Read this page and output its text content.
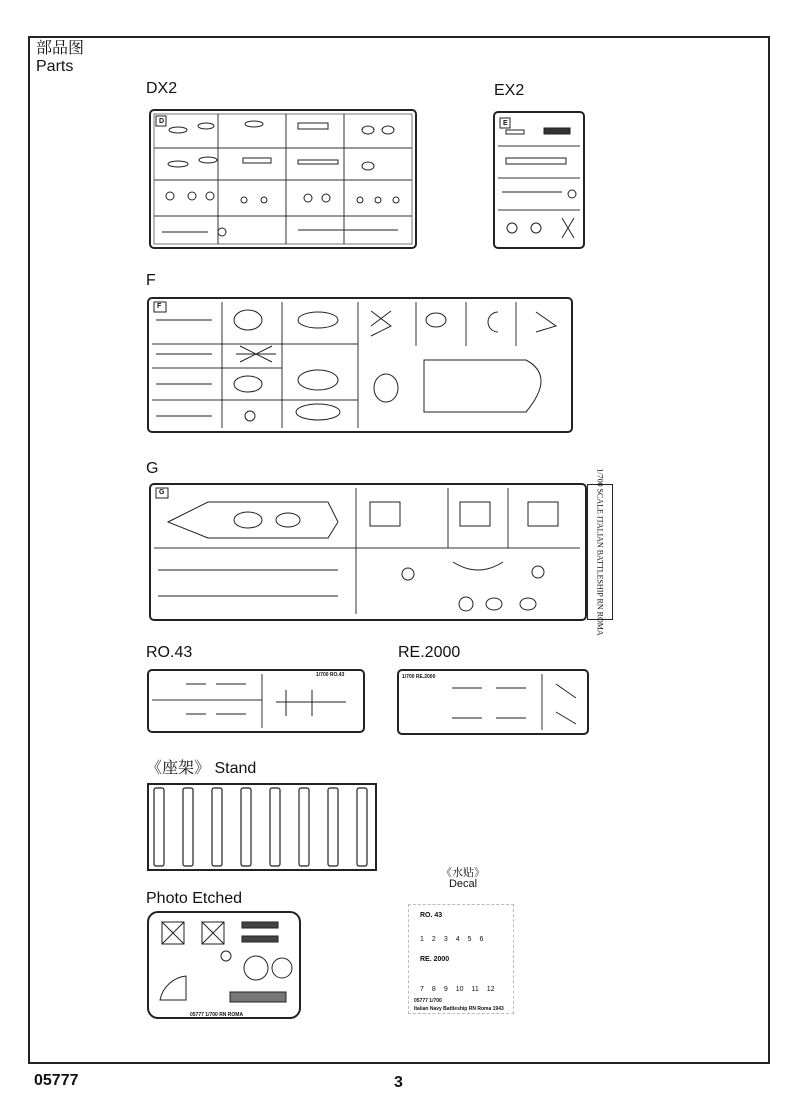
部品图
Parts
DX2
D
EX2
E
F
F
G
G	1/700 SCALE ITALIAN BATTLESHIP RN ROMA
RO.43
1/700 RO.43
RE.2000
1/700 RE.2000
《座架》 Stand
Photo Etched
05777 1/700 RN ROMA
《水贴》
Decal
RO. 43
1 2 3 4 5 6
RE. 2000
7 8 9 10 11 12
05777 1/700
Italian Navy Battleship RN Roma 1943
05777	3
